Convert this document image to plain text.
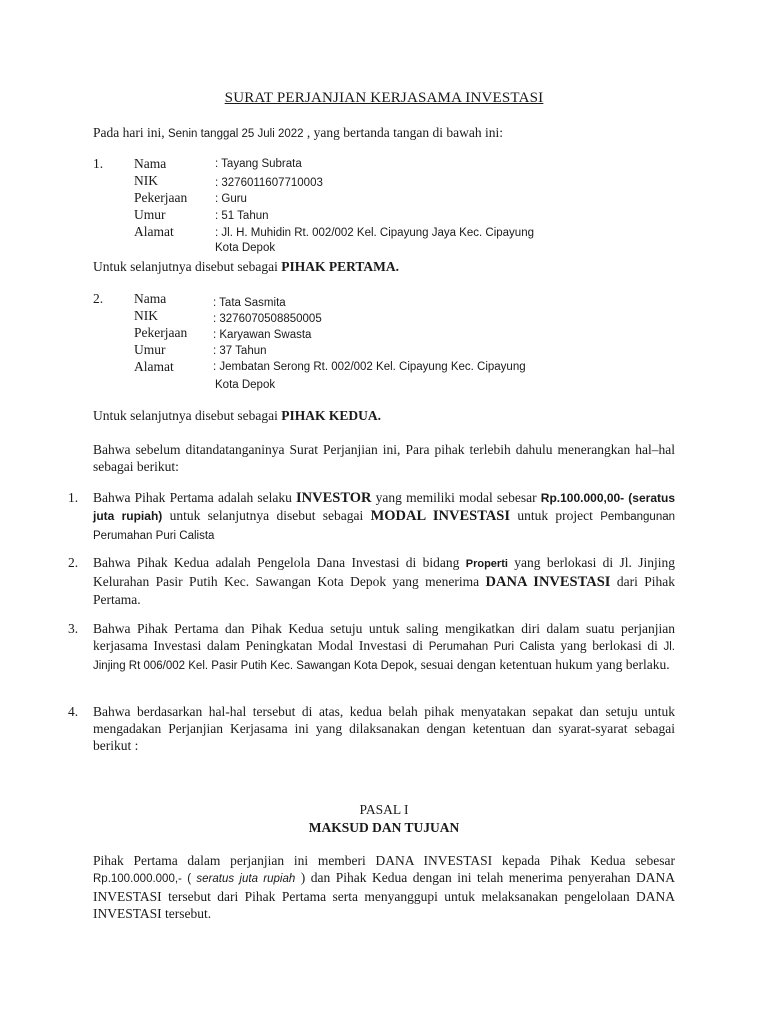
SURAT PERJANJIAN KERJASAMA INVESTASI
Pada hari ini, Senin tanggal 25 Juli 2022 , yang bertanda tangan di bawah ini:
1. Nama
NIK
Pekerjaan
Umur
Alamat
: Tayang Subrata
: 3276011607710003
: Guru
: 51 Tahun
: Jl. H. Muhidin Rt. 002/002 Kel. Cipayung Jaya Kec. Cipayung
Kota Depok
Untuk selanjutnya disebut sebagai PIHAK PERTAMA.
2. Nama
NIK
Pekerjaan
Umur
Alamat
: Tata Sasmita
: 3276070508850005
: Karyawan Swasta
: 37 Tahun
: Jembatan Serong Rt. 002/002 Kel. Cipayung Kec. Cipayung
Kota Depok
Untuk selanjutnya disebut sebagai PIHAK KEDUA.
Bahwa sebelum ditandatanganinya Surat Perjanjian ini, Para pihak terlebih dahulu menerangkan hal–hal sebagai berikut:
1. Bahwa Pihak Pertama adalah selaku INVESTOR yang memiliki modal sebesar Rp.100.000,00- (seratus juta rupiah) untuk selanjutnya disebut sebagai MODAL INVESTASI untuk project Pembangunan Perumahan Puri Calista
2. Bahwa Pihak Kedua adalah Pengelola Dana Investasi di bidang Properti yang berlokasi di Jl. Jinjing Kelurahan Pasir Putih Kec. Sawangan Kota Depok yang menerima DANA INVESTASI dari Pihak Pertama.
3. Bahwa Pihak Pertama dan Pihak Kedua setuju untuk saling mengikatkan diri dalam suatu perjanjian kerjasama Investasi dalam Peningkatan Modal Investasi di Perumahan Puri Calista yang berlokasi di Jl. Jinjing Rt 006/002 Kel. Pasir Putih Kec. Sawangan Kota Depok, sesuai dengan ketentuan hukum yang berlaku.
4. Bahwa berdasarkan hal-hal tersebut di atas, kedua belah pihak menyatakan sepakat dan setuju untuk mengadakan Perjanjian Kerjasama ini yang dilaksanakan dengan ketentuan dan syarat-syarat sebagai berikut :
PASAL I
MAKSUD DAN TUJUAN
Pihak Pertama dalam perjanjian ini memberi DANA INVESTASI kepada Pihak Kedua sebesar Rp.100.000.000,- ( seratus juta rupiah ) dan Pihak Kedua dengan ini telah menerima penyerahan DANA INVESTASI tersebut dari Pihak Pertama serta menyanggupi untuk melaksanakan pengelolaan DANA INVESTASI tersebut.
